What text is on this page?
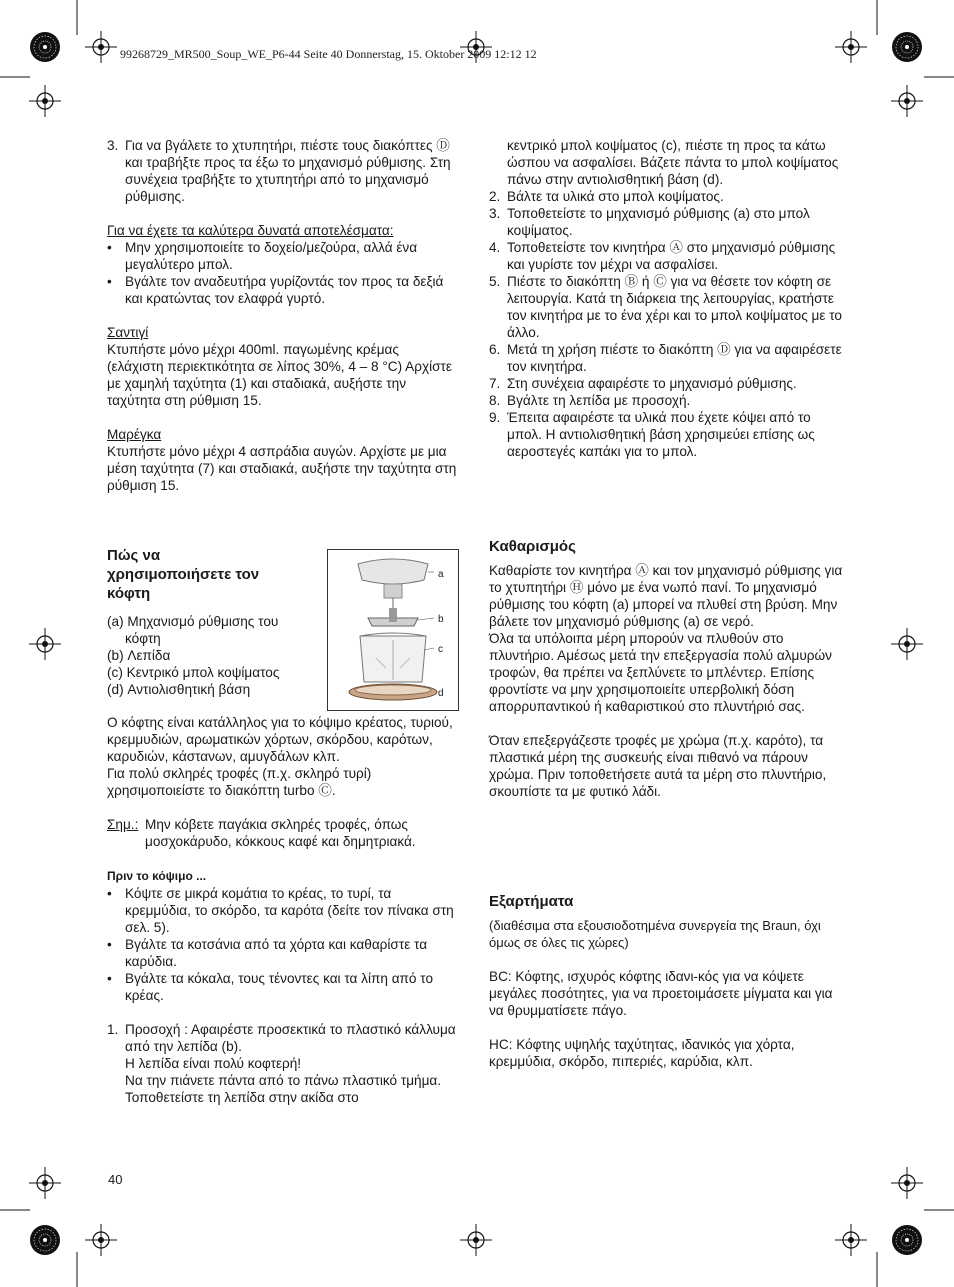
99268729_MR500_Soup_WE_P6-44 Seite 40 Donnerstag, 15. Oktober 2009 12:12 12
3. Για να βγάλετε το χτυπητήρι, πιέστε τους διακόπτες Ⓓ και τραβήξτε προς τα έξω το μηχανισμό ρύθμισης. Στη συνέχεια τραβήξτε το χτυπητήρι από το μηχανισμό ρύθμισης.

Για να έχετε τα καλύτερα δυνατά αποτελέσματα:

• Μην χρησιμοποιείτε το δοχείο/μεζούρα, αλλά ένα μεγαλύτερο μπολ.
• Βγάλτε τον αναδευτήρα γυρίζοντάς τον προς τα δεξιά και κρατώντας τον ελαφρά γυρτό.

Σαντιγί

Κτυπήστε μόνο μέχρι 400ml. παγωμένης κρέμας (ελάχιστη περιεκτικότητα σε λίπος 30%, 4 – 8 °C) Αρχίστε με χαμηλή ταχύτητα (1) και σταδιακά, αυξήστε την ταχύτητα στη ρύθμιση 15.

Μαρέγκα

Κτυπήστε μόνο μέχρι 4 ασπράδια αυγών. Αρχίστε με μια μέση ταχύτητα (7) και σταδιακά, αυξήστε την ταχύτητα στη ρύθμιση 15.

Πώς να χρησιμοποιήσετε τον κόφτη
(a) Μηχανισμό ρύθμισης του κόφτη
(b) Λεπίδα
(c) Κεντρικό μπολ κοψίματος
(d) Αντιολισθητική βάση
a
b
c
d

Ο κόφτης είναι κατάλληλος για το κόψιμο κρέατος, τυριού, κρεμμυδιών, αρωματικών χόρτων, σκόρδου, καρότων, καρυδιών, κάστανων, αμυγδάλων κλπ.

Για πολύ σκληρές τροφές (π.χ. σκληρό τυρί) χρησιμοποιείστε το διακόπτη turbo Ⓒ.

Σημ.: Μην κόβετε παγάκια σκληρές τροφές, όπως μοσχοκάρυδο, κόκκους καφέ και δημητριακά.

Πριν το κόψιμο ...

• Κόψτε σε μικρά κομάτια το κρέας, το τυρί, τα κρεμμύδια, το σκόρδο, τα καρότα (δείτε τον πίνακα στη σελ. 5).
• Βγάλτε τα κοτσάνια από τα χόρτα και καθαρίστε τα καρύδια.
• Βγάλτε τα κόκαλα, τους τένοντες και τα λίπη από το κρέας.
1. Προσοχή : Αφαιρέστε προσεκτικά το πλαστικό κάλλυμα από την λεπίδα (b).
Η λεπίδα είναι πολύ κοφτερή!
Να την πιάνετε πάντα από το πάνω πλαστικό τμήμα. Τοποθετείστε τη λεπίδα στην ακίδα στο
40

κεντρικό μπολ κοψίματος (c), πιέστε τη προς τα κάτω ώσπου να ασφαλίσει. Βάζετε πάντα το μπολ κοψίματος πάνω στην αντιολισθητική βάση (d).

2. Βάλτε τα υλικά στο μπολ κοψίματος.
3. Τοποθετείστε το μηχανισμό ρύθμισης (a) στο μπολ κοψίματος.
4. Τοποθετείστε τον κινητήρα Ⓐ στο μηχανισμό ρύθμισης και γυρίστε τον μέχρι να ασφαλίσει.
5. Πιέστε το διακόπτη Ⓑ ή Ⓒ για να θέσετε τον κόφτη σε λειτουργία. Κατά τη διάρκεια της λειτουργίας, κρατήστε τον κινητήρα με το ένα χέρι και το μπολ κοψίματος με το άλλο.
6. Μετά τη χρήση πιέστε το διακόπτη Ⓓ για να αφαιρέσετε τον κινητήρα.
7. Στη συνέχεια αφαιρέστε το μηχανισμό ρύθμισης.
8. Βγάλτε τη λεπίδα με προσοχή.
9. Έπειτα αφαιρέστε τα υλικά που έχετε κόψει από το μπολ. Η αντιολισθητική βάση χρησιμεύει επίσης ως αεροστεγές καπάκι για το μπολ.
Καθαρισμός

Καθαρίστε τον κινητήρα Ⓐ και τον μηχανισμό ρύθμισης για το χτυπητήρι Ⓗ μόνο με ένα νωπό πανί. Το μηχανισμό ρύθμισης του κόφτη (a) μπορεί να πλυθεί στη βρύση. Μην βάλετε τον μηχανισμό ρύθμισης (a) σε νερό.

Όλα τα υπόλοιπα μέρη μπορούν να πλυθούν στο πλυντήριο. Αμέσως μετά την επεξεργασία πολύ αλμυρών τροφών, θα πρέπει να ξεπλύνετε το μπλέντερ. Επίσης φροντίστε να μην χρησιμοποιείτε υπερβολική δόση απορρυπαντικού ή καθαριστικού στο πλυντήριό σας.

Όταν επεξεργάζεστε τροφές με χρώμα (π.χ. καρότο), τα πλαστικά μέρη της συσκευής είναι πιθανό να πάρουν χρώμα. Πριν τοποθετήσετε αυτά τα μέρη στο πλυντήριο, σκουπίστε τα με φυτικό λάδι.

Εξαρτήματα

(διαθέσιμα στα εξουσιοδοτημένα συνεργεία της Braun, όχι όμως σε όλες τις χώρες)

BC: Κόφτης, ισχυρός κόφτης ιδανι-κός για να κόψετε μεγάλες ποσότητες, για να προετοιμάσετε μίγματα και για να θρυμματίσετε πάγο.

HC: Κόφτης υψηλής ταχύτητας, ιδανικός για χόρτα, κρεμμύδια, σκόρδο, πιπεριές, καρύδια, κλπ.
